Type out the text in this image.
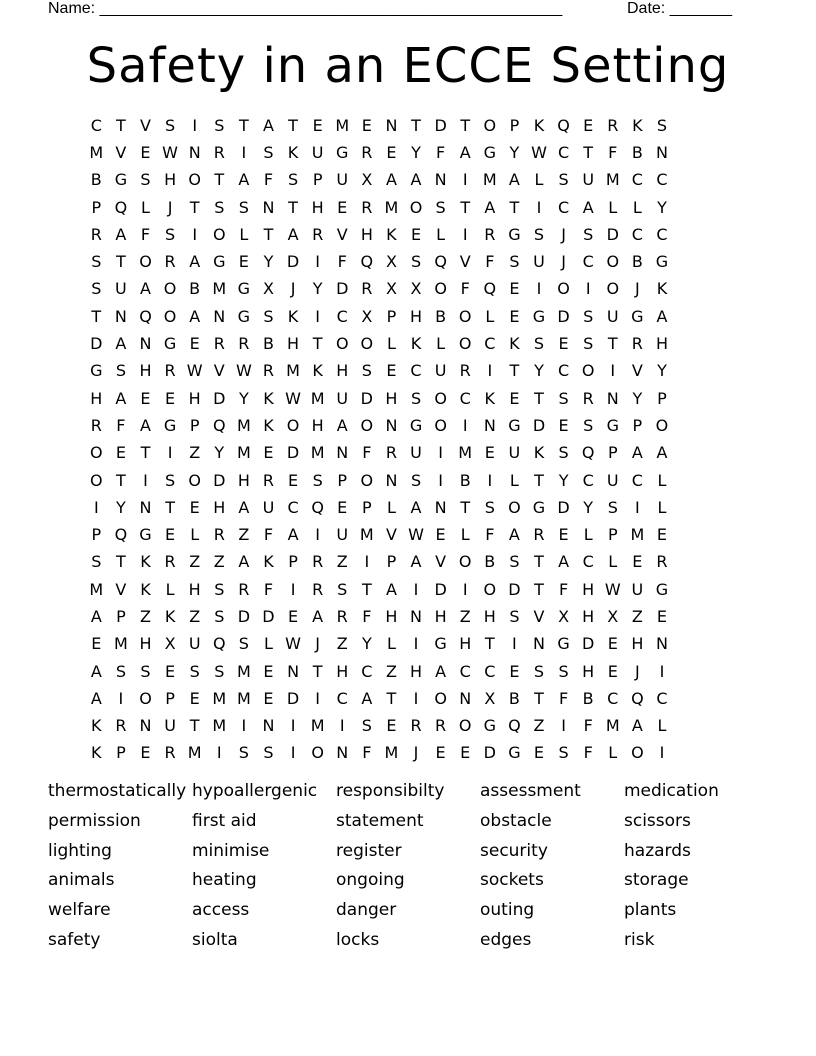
Name: ____________________________________________________	Date: _______
Safety in an ECCE Setting
C T V S	I	S T A T E M E N T D T O P K Q E R K S
M V E W N R	I	S K U G R E Y F A G Y W C T F B N
B G S H O T A F S P U X A A N	I M A L S U M C C
P Q L	J	T S S N T H E R M O S T A T	I	C A L L Y
R A F S	I O L T A R V H K E L	I	R G S	J	S D C C
S T O R A G E Y D	I	F Q X S Q V F S U	J	C O B G
S U A O B M G X	J	Y D R X X O F Q E	I O I O J	K
T N Q O A N G S K	I	C X P H B O L E G D S U G A
D A N G E R R B H T O O L K L O C K S E S T R H
G S H R W V W R M K H S E C U R	I	T Y C O I	V Y
H A E E H D Y K W M U D H S O C K E T S R N Y P
R F A G P Q M K O H A O N G O I	N G D E S G P O
O E T	I	Z Y M E D M N F R U	I M E U K S Q P A A
O T	I	S O D H R E S P O N S	I	B	I	L T Y C U C L
I	Y N T E H A U C Q E P L A N T S O G D Y S	I	L
P Q G E L R Z F A	I	U M V W E L F A R E L P M E
S T K R Z Z A K P R Z	I	P A V O B S T A C L E R
M V K L H S R F	I	R S T A	I	D	I O D T F H W U G
A P Z K Z S D D E A R F H N H Z H S V X H X Z E
E M H X U Q S L W J	Z Y L	I	G H T	I	N G D E H N
A S S E S S M E N T H C Z H A C C E S S H E	J	I
A	I O P E M M E D	I	C A T	I O N X B T F B C Q C
K R N U T M I	N	I M I	S E R R O G Q Z	I	F M A L
K P E R M I	S S	I O N F M J	E E D G E S F L O I
thermostatically hypoallergenic	responsibilty	assessment	medication
permission	first aid	statement	obstacle	scissors
lighting	minimise	register	security	hazards
animals	heating	ongoing	sockets	storage
welfare	access	danger	outing	plants
safety	siolta	locks	edges	risk
